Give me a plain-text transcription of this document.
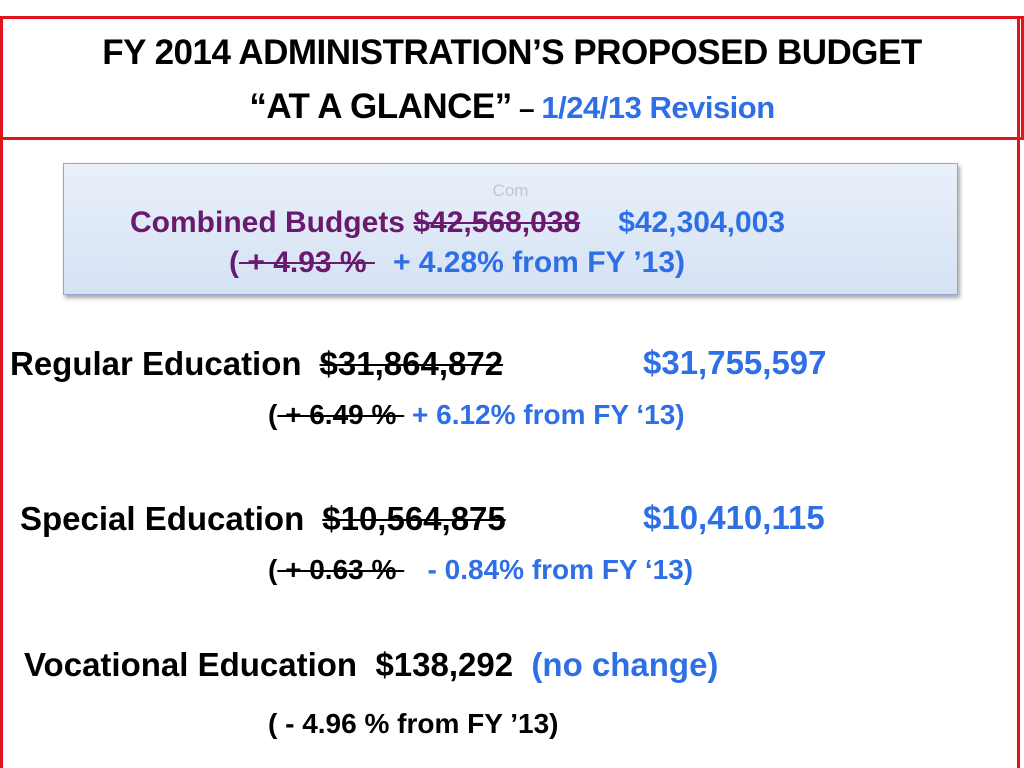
FY 2014 ADMINISTRATION’S PROPOSED BUDGET
“AT A GLANCE” – 1/24/13 Revision
Com
Combined Budgets $42,568,038 $42,304,003
( + 4.93 % + 4.28% from FY ’13)
Regular Education $31,864,872	$31,755,597
( + 6.49 %  + 6.12% from FY ‘13)
Special Education $10,564,875	$10,410,115
( + 0.63 %    - 0.84% from FY ‘13)
Vocational Education $138,292 (no change)
( - 4.96 % from FY ’13)
